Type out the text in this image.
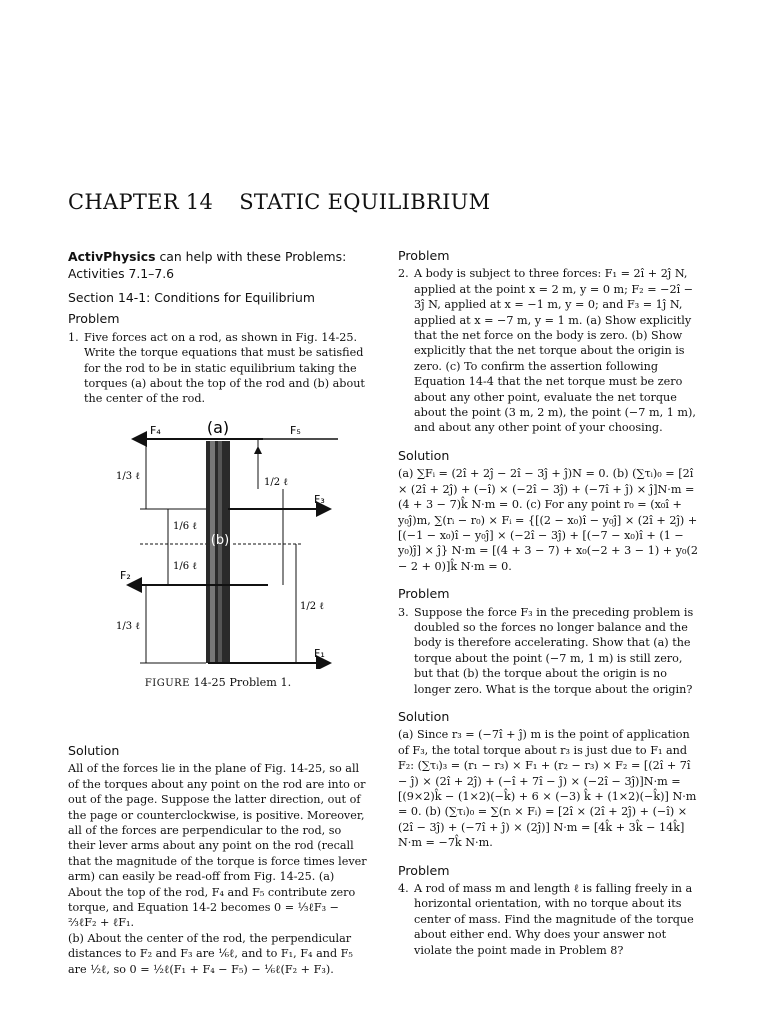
CHAPTER 14 STATIC EQUILIBRIUM
ActivPhysics can help with these Problems:
Activities 7.1–7.6
Section 14-1: Conditions for Equilibrium
Problem
1. Five forces act on a rod, as shown in Fig. 14-25. Write the torque equations that must be satisfied for the rod to be in static equilibrium taking the torques (a) about the top of the rod and (b) about the center of the rod.

F₄	F₅
(a)
(b)
F₃
F₂
F₁
1/3 ℓ
1/3 ℓ
1/2 ℓ
1/2 ℓ
1/6 ℓ
1/6 ℓ
FIGURE 14-25 Problem 1.
Solution

All of the forces lie in the plane of Fig. 14-25, so all of the torques about any point on the rod are into or out of the page. Suppose the latter direction, out of the page or counterclockwise, is positive. Moreover, all of the forces are perpendicular to the rod, so their lever arms about any point on the rod (recall that the magnitude of the torque is force times lever arm) can easily be read-off from Fig. 14-25. (a) About the top of the rod, F₄ and F₅ contribute zero torque, and Equation 14-2 becomes 0 = ⅓ℓF₃ − ⅔ℓF₂ + ℓF₁.

(b) About the center of the rod, the perpendicular distances to F₂ and F₃ are ⅙ℓ, and to F₁, F₄ and F₅ are ½ℓ, so 0 = ½ℓ(F₁ + F₄ − F₅) − ⅙ℓ(F₂ + F₃).

Problem
2. A body is subject to three forces: F₁ = 2î + 2ĵ N, applied at the point x = 2 m, y = 0 m; F₂ = −2î − 3ĵ N, applied at x = −1 m, y = 0; and F₃ = 1ĵ N, applied at x = −7 m, y = 1 m. (a) Show explicitly that the net force on the body is zero. (b) Show explicitly that the net torque about the origin is zero. (c) To confirm the assertion following Equation 14-4 that the net torque must be zero about any other point, evaluate the net torque about the point (3 m, 2 m), the point (−7 m, 1 m), and about any other point of your choosing.

Solution

(a) ∑Fᵢ = (2î + 2ĵ − 2î − 3ĵ + ĵ)N = 0. (b) (∑τᵢ)₀ = [2î × (2î + 2ĵ) + (−î) × (−2î − 3ĵ) + (−7î + ĵ) × ĵ]N·m = (4 + 3 − 7)k̂ N·m = 0. (c) For any point r₀ = (x₀î + y₀ĵ)m, ∑(rᵢ − r₀) × Fᵢ = {[(2 − x₀)î − y₀ĵ] × (2î + 2ĵ) + [(−1 − x₀)î − y₀ĵ] × (−2î − 3ĵ) + [(−7 − x₀)î + (1 − y₀)ĵ] × ĵ} N·m = [(4 + 3 − 7) + x₀(−2 + 3 − 1) + y₀(2 − 2 + 0)]k̂ N·m = 0.

Problem
3. Suppose the force F₃ in the preceding problem is doubled so the forces no longer balance and the body is therefore accelerating. Show that (a) the torque about the point (−7 m, 1 m) is still zero, but that (b) the torque about the origin is no longer zero. What is the torque about the origin?

Solution

(a) Since r₃ = (−7î + ĵ) m is the point of application of F₃, the total torque about r₃ is just due to F₁ and F₂: (∑τᵢ)₃ = (r₁ − r₃) × F₁ + (r₂ − r₃) × F₂ = [(2î + 7î − ĵ) × (2î + 2ĵ) + (−î + 7î − ĵ) × (−2î − 3ĵ)]N·m = [(9×2)k̂ − (1×2)(−k̂) + 6 × (−3) k̂ + (1×2)(−k̂)] N·m = 0. (b) (∑τᵢ)₀ = ∑(rᵢ × Fᵢ) = [2î × (2î + 2ĵ) + (−î) × (2î − 3ĵ) + (−7î + ĵ) × (2ĵ)] N·m = [4k̂ + 3k̂ − 14k̂] N·m = −7k̂ N·m.

Problem
4. A rod of mass m and length ℓ is falling freely in a horizontal orientation, with no torque about its center of mass. Find the magnitude of the torque about either end. Why does your answer not violate the point made in Problem 8?
